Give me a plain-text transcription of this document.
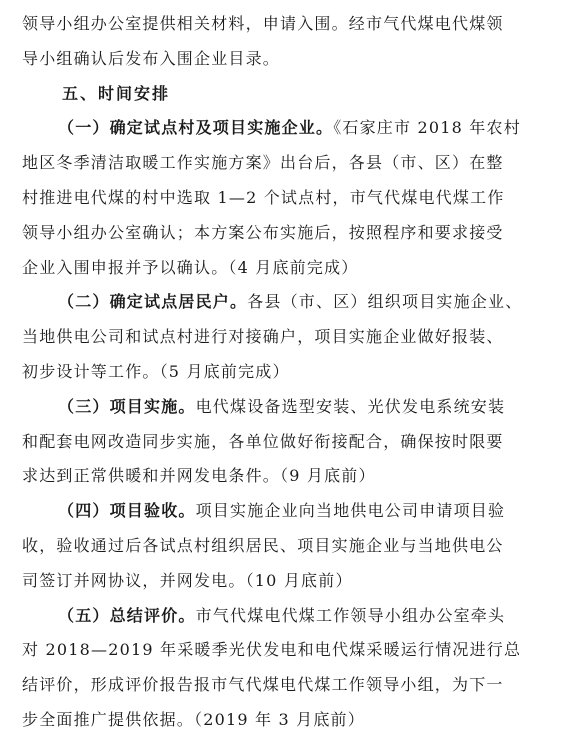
领导小组办公室提供相关材料，申请入围。经市气代煤电代煤领
导小组确认后发布入围企业目录。
五、时间安排
（一）确定试点村及项目实施企业。《石家庄市 2018 年农村
地区冬季清洁取暖工作实施方案》出台后，各县（市、区）在整
村推进电代煤的村中选取 1—2 个试点村，市气代煤电代煤工作
领导小组办公室确认；本方案公布实施后，按照程序和要求接受
企业入围申报并予以确认。（4 月底前完成）
（二）确定试点居民户。各县（市、区）组织项目实施企业、
当地供电公司和试点村进行对接确户，项目实施企业做好报装、
初步设计等工作。（5 月底前完成）
（三）项目实施。电代煤设备选型安装、光伏发电系统安装
和配套电网改造同步实施，各单位做好衔接配合，确保按时限要
求达到正常供暖和并网发电条件。（9 月底前）
（四）项目验收。项目实施企业向当地供电公司申请项目验
收，验收通过后各试点村组织居民、项目实施企业与当地供电公
司签订并网协议，并网发电。（10 月底前）
（五）总结评价。市气代煤电代煤工作领导小组办公室牵头
对 2018—2019 年采暖季光伏发电和电代煤采暖运行情况进行总
结评价，形成评价报告报市气代煤电代煤工作领导小组，为下一
步全面推广提供依据。（2019 年 3 月底前）
